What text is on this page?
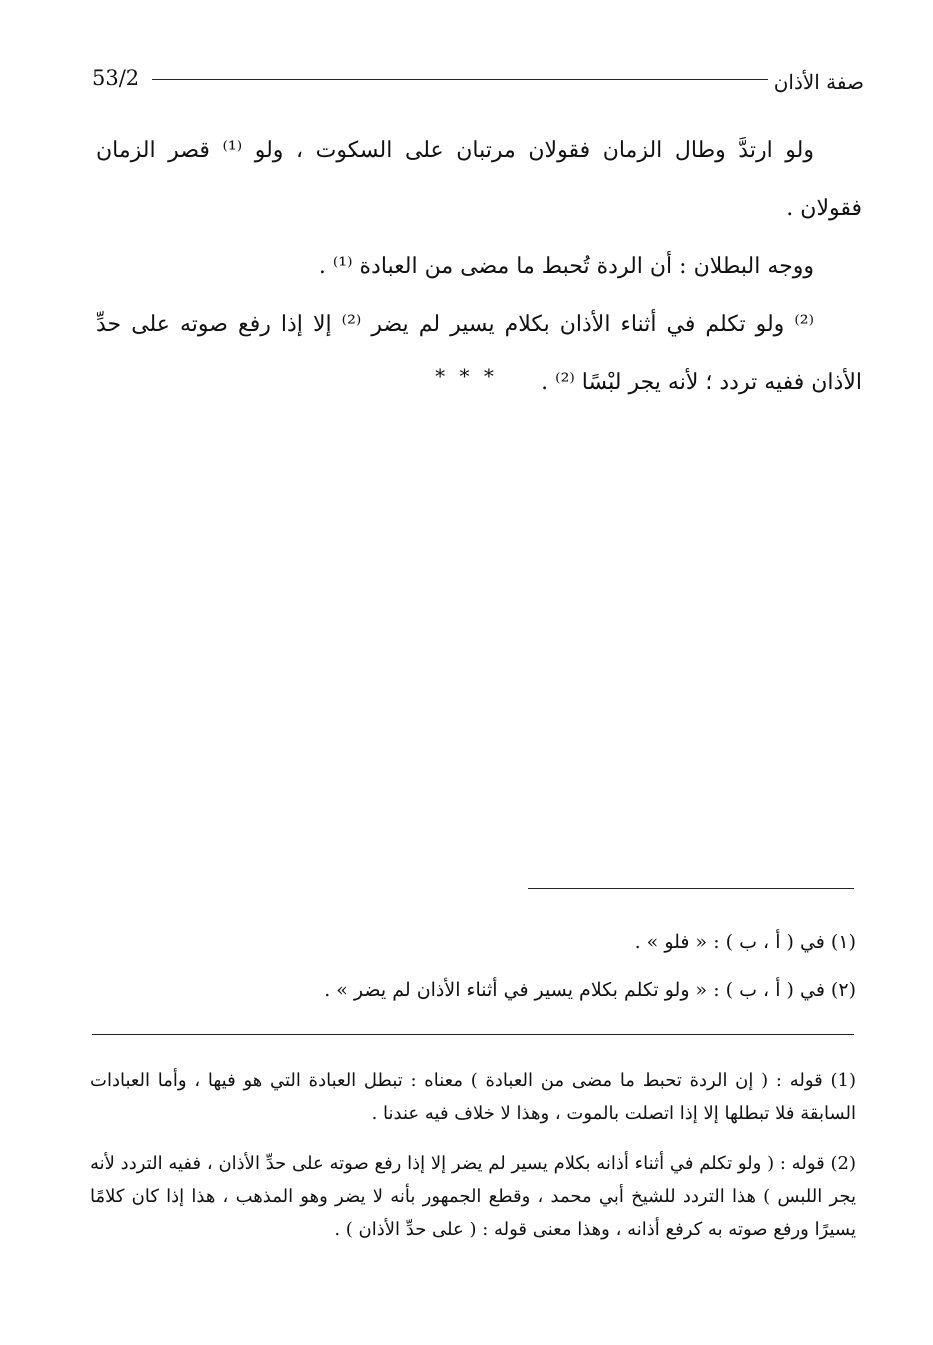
53/2	صفة الأذان

ولو ارتدَّ وطال الزمان فقولان مرتبان على السكوت ، ولو ⁽¹⁾ قصر الزمان فقولان .

ووجه البطلان : أن الردة تُحبط ما مضى من العبادة ⁽¹⁾ .

⁽²⁾ ولو تكلم في أثناء الأذان بكلام يسير لم يضر ⁽²⁾ إلا إذا رفع صوته على حدِّ الأذان ففيه تردد ؛ لأنه يجر لبْسًا ⁽²⁾ .

* * *

(١) في ( أ ، ب ) : « فلو » .

(٢) في ( أ ، ب ) : « ولو تكلم بكلام يسير في أثناء الأذان لم يضر » .

(1) قوله : ( إن الردة تحبط ما مضى من العبادة ) معناه : تبطل العبادة التي هو فيها ، وأما العبادات السابقة فلا تبطلها إلا إذا اتصلت بالموت ، وهذا لا خلاف فيه عندنا .

(2) قوله : ( ولو تكلم في أثناء أذانه بكلام يسير لم يضر إلا إذا رفع صوته على حدِّ الأذان ، ففيه التردد لأنه يجر اللبس ) هذا التردد للشيخ أبي محمد ، وقطع الجمهور بأنه لا يضر وهو المذهب ، هذا إذا كان كلامًا يسيرًا ورفع صوته به كرفع أذانه ، وهذا معنى قوله : ( على حدِّ الأذان ) .
